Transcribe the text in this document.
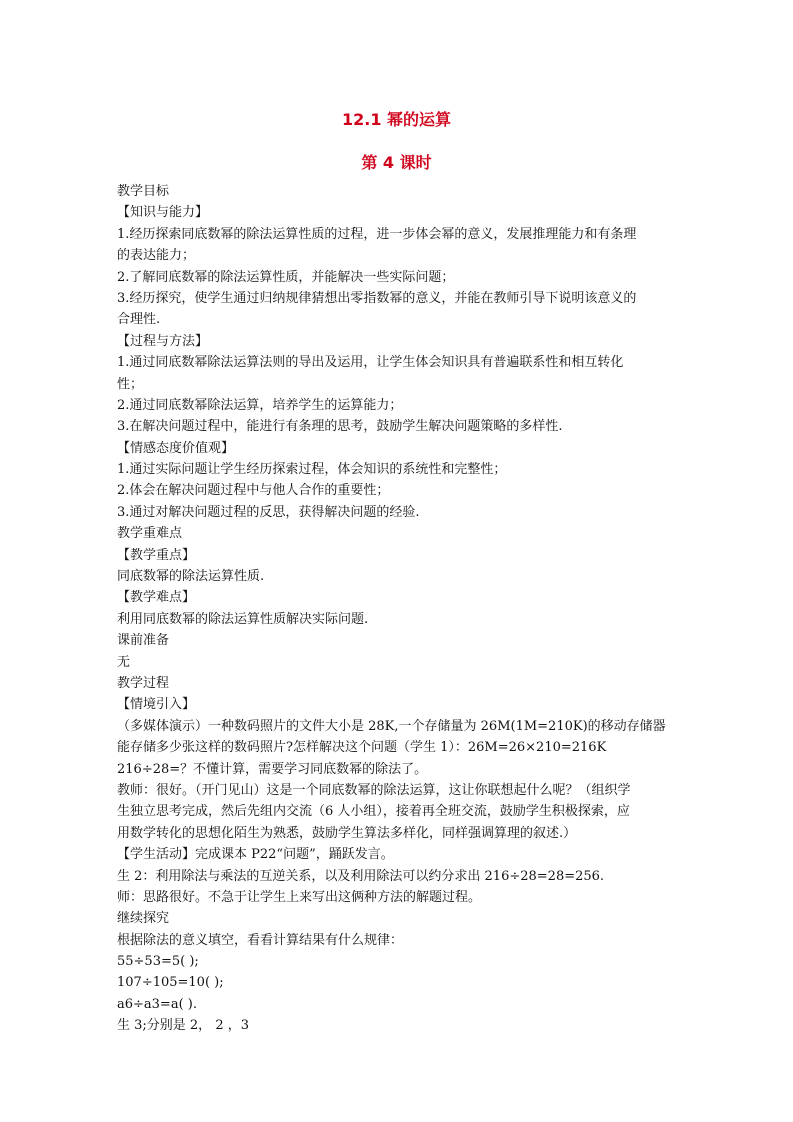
12.1 幂的运算
第 4 课时
教学目标
【知识与能力】
1.经历探索同底数幂的除法运算性质的过程，进一步体会幂的意义，发展推理能力和有条理
的表达能力；
2.了解同底数幂的除法运算性质，并能解决一些实际问题；
3.经历探究，使学生通过归纳规律猜想出零指数幂的意义，并能在教师引导下说明该意义的
合理性.
【过程与方法】
1.通过同底数幂除法运算法则的导出及运用，让学生体会知识具有普遍联系性和相互转化
性；
2.通过同底数幂除法运算，培养学生的运算能力；
3.在解决问题过程中，能进行有条理的思考，鼓励学生解决问题策略的多样性.
【情感态度价值观】
1.通过实际问题让学生经历探索过程，体会知识的系统性和完整性；
2.体会在解决问题过程中与他人合作的重要性；
3.通过对解决问题过程的反思，获得解决问题的经验.
教学重难点
【教学重点】
同底数幂的除法运算性质.
【教学难点】
利用同底数幂的除法运算性质解决实际问题.
课前准备
无
教学过程
【情境引入】
（多媒体演示）一种数码照片的文件大小是 28K,一个存储量为 26M(1M=210K)的移动存储器
能存储多少张这样的数码照片?怎样解决这个问题（学生 1）：26M=26×210=216K
216÷28=？不懂计算，需要学习同底数幂的除法了。
教师：很好。（开门见山）这是一个同底数幂的除法运算，这让你联想起什么呢？（组织学
生独立思考完成，然后先组内交流（6 人小组），接着再全班交流，鼓励学生积极探索，应
用数学转化的思想化陌生为熟悉，鼓励学生算法多样化，同样强调算理的叙述.）
【学生活动】完成课本 P22“问题”，踊跃发言。
生 2：利用除法与乘法的互逆关系，以及利用除法可以约分求出 216÷28=28=256.
师：思路很好。不急于让学生上来写出这俩种方法的解题过程。
继续探究
根据除法的意义填空，看看计算结果有什么规律：
55÷53=5( );
107÷105=10( );
a6÷a3=a( ).
生 3;分别是 2， 2 ，3
